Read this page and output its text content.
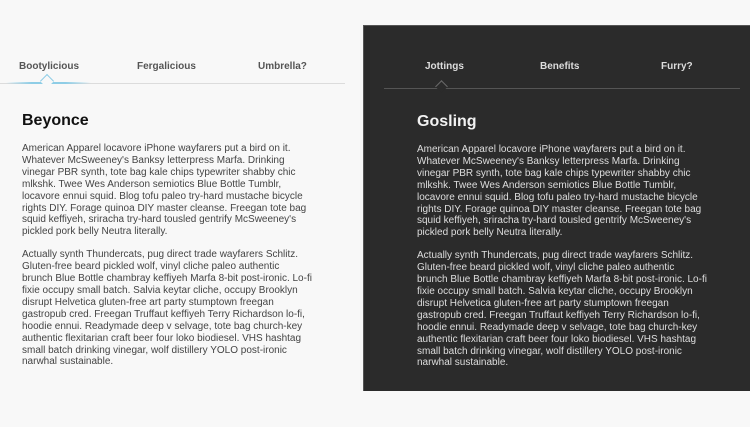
Bootylicious	Fergalicious	Umbrella?
Beyonce

American Apparel locavore iPhone wayfarers put a bird on it. Whatever McSweeney's Banksy letterpress Marfa. Drinking vinegar PBR synth, tote bag kale chips typewriter shabby chic mlkshk. Twee Wes Anderson semiotics Blue Bottle Tumblr, locavore ennui squid. Blog tofu paleo try-hard mustache bicycle rights DIY. Forage quinoa DIY master cleanse. Freegan tote bag squid keffiyeh, sriracha try-hard tousled gentrify McSweeney's pickled pork belly Neutra literally.

Actually synth Thundercats, pug direct trade wayfarers Schlitz. Gluten-free beard pickled wolf, vinyl cliche paleo authentic brunch Blue Bottle chambray keffiyeh Marfa 8-bit post-ironic. Lo-fi fixie occupy small batch. Salvia keytar cliche, occupy Brooklyn disrupt Helvetica gluten-free art party stumptown freegan gastropub cred. Freegan Truffaut keffiyeh Terry Richardson lo-fi, hoodie ennui. Readymade deep v selvage, tote bag church-key authentic flexitarian craft beer four loko biodiesel. VHS hashtag small batch drinking vinegar, wolf distillery YOLO post-ironic narwhal sustainable.

Jottings	Benefits	Furry?
Gosling

American Apparel locavore iPhone wayfarers put a bird on it. Whatever McSweeney's Banksy letterpress Marfa. Drinking vinegar PBR synth, tote bag kale chips typewriter shabby chic mlkshk. Twee Wes Anderson semiotics Blue Bottle Tumblr, locavore ennui squid. Blog tofu paleo try-hard mustache bicycle rights DIY. Forage quinoa DIY master cleanse. Freegan tote bag squid keffiyeh, sriracha try-hard tousled gentrify McSweeney's pickled pork belly Neutra literally.

Actually synth Thundercats, pug direct trade wayfarers Schlitz. Gluten-free beard pickled wolf, vinyl cliche paleo authentic brunch Blue Bottle chambray keffiyeh Marfa 8-bit post-ironic. Lo-fi fixie occupy small batch. Salvia keytar cliche, occupy Brooklyn disrupt Helvetica gluten-free art party stumptown freegan gastropub cred. Freegan Truffaut keffiyeh Terry Richardson lo-fi, hoodie ennui. Readymade deep v selvage, tote bag church-key authentic flexitarian craft beer four loko biodiesel. VHS hashtag small batch drinking vinegar, wolf distillery YOLO post-ironic narwhal sustainable.
